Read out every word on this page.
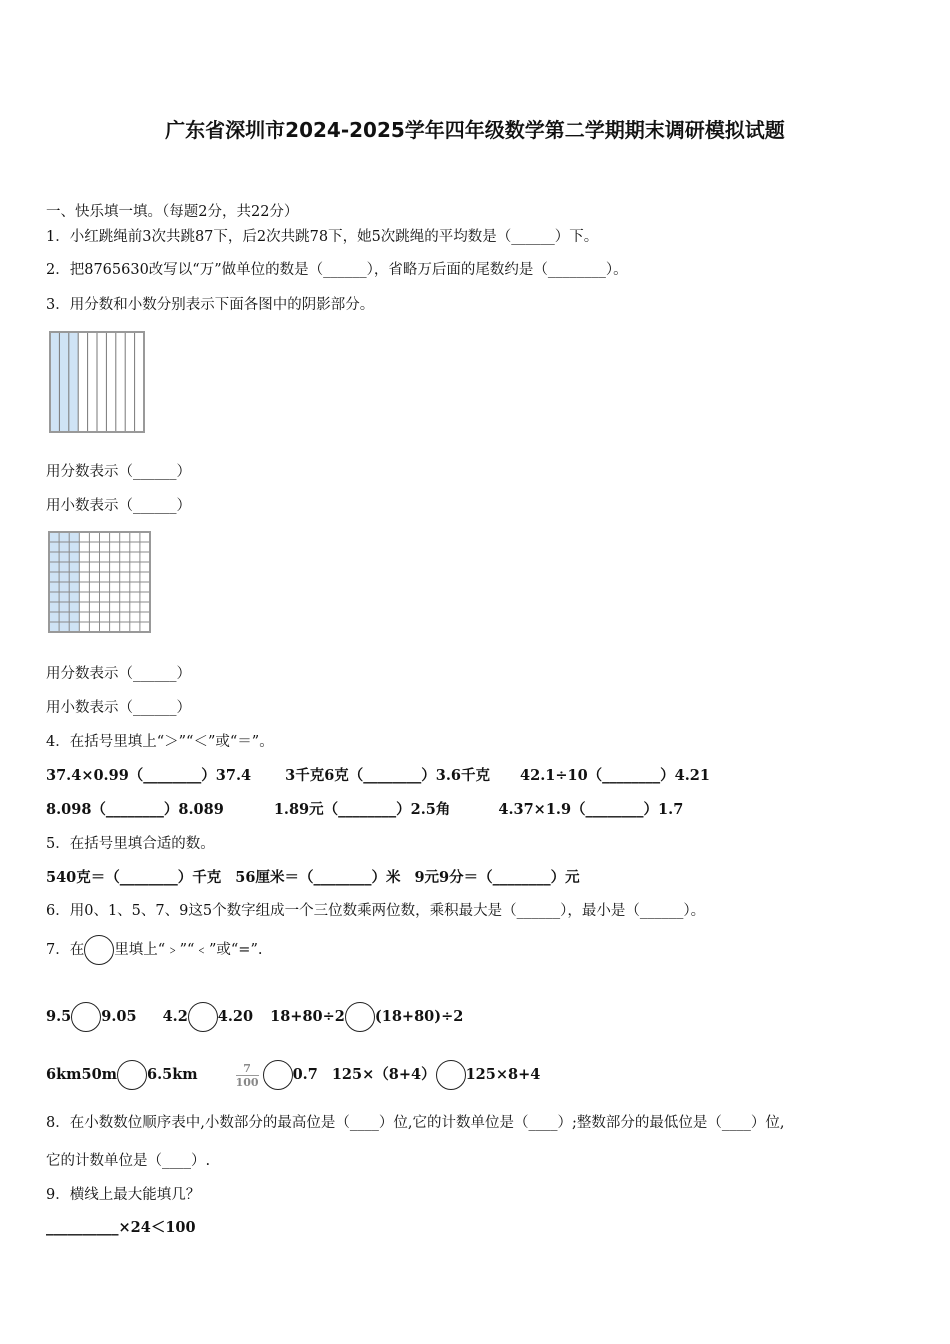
广东省深圳市2024-2025学年四年级数学第二学期期末调研模拟试题
一、快乐填一填。（每题2分，共22分）
1．小红跳绳前3次共跳87下，后2次共跳78下，她5次跳绳的平均数是（______）下。
2．把8765630改写以“万”做单位的数是（______），省略万后面的尾数约是（________）。
3．用分数和小数分别表示下面各图中的阴影部分。
用分数表示（______）
用小数表示（______）
用分数表示（______）
用小数表示（______）
4．在括号里填上“＞”“＜”或“＝”。
37.4×0.99（________）37.4 3千克6克（________）3.6千克 42.1÷10（________）4.21
8.098（________）8.089	1.89元（________）2.5角	4.37×1.9（________）1.7
5．在括号里填合适的数。
540克＝（________）千克 56厘米＝（________）米 9元9分＝（________）元
6．用0、1、5、7、9这5个数字组成一个三位数乘两位数，乘积最大是（______），最小是（______）。
7．在 里填上“﹥”“﹤”或“=”.
9.5 9.05 4.2 4.20 18+80÷2 (18+80)÷2
6km50m 6.5km	$\frac{7}{100} 0.7$ 125×（8+4） 125×8+4
8．在小数数位顺序表中,小数部分的最高位是（____）位,它的计数单位是（____）;整数部分的最低位是（____）位,
它的计数单位是（____）.
9．横线上最大能填几？
__________×24＜100
